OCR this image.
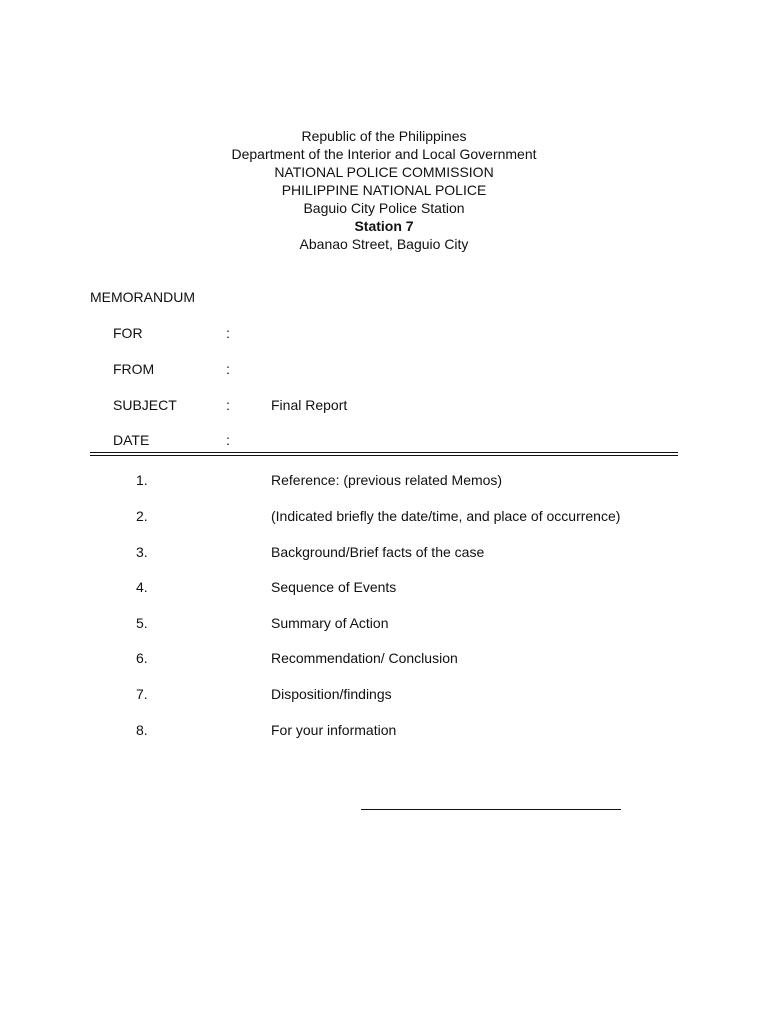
Republic of the Philippines
Department of the Interior and Local Government
NATIONAL POLICE COMMISSION
PHILIPPINE NATIONAL POLICE
Baguio City Police Station
Station 7
Abanao Street, Baguio City
MEMORANDUM
FOR	:
FROM	:
SUBJECT	:	Final Report
DATE	:
1.	Reference: (previous related Memos)
2.	(Indicated briefly the date/time, and place of occurrence)
3.	Background/Brief facts of the case
4.	Sequence of Events
5.	Summary of Action
6.	Recommendation/ Conclusion
7.	Disposition/findings
8.	For your information
